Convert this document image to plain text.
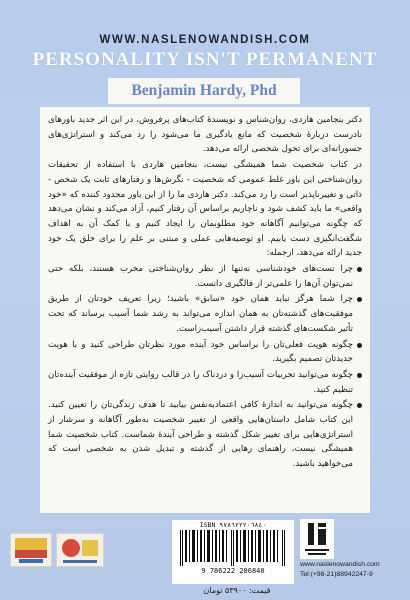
WWW.NASLENOWANDISH.COM
PERSONALITY ISN'T PERMANENT
Benjamin Hardy, Phd

دکتر بنجامین هاردی، روان‌شناس و نویسندهٔ کتاب‌های پرفروش، در این اثر جدید باورهای نادرست دربارهٔ شخصیت که مانع یادگیری ما می‌شود را رد می‌کند و استراتژی‌های جسورانه‌ای برای تحول شخصی ارائه می‌دهد.

در کتاب شخصیت شما همیشگی نیست، بنجامین هاردی با استفاده از تحقیقات روان‌شناختی این باور غلط عمومی که شخصیت - نگرش‌ها و رفتارهای ثابت یک شخص - ذاتی و تغییرناپذیر است را رد می‌کند. دکتر هاردی ما را از این باور محدود کننده که «خود واقعی» ما باید کشف شود و ناچاریم براساس آن رفتار کنیم، آزاد می‌کند و نشان می‌دهد که چگونه می‌توانیم آگاهانه خود مطلوبمان را ایجاد کنیم و با کمک آن به اهداف شگفت‌انگیزی دست یابیم. او توصیه‌هایی عملی و مبتنی بر علم را برای خلق یک خود جدید ارائه می‌دهد، ازجمله:

چرا تست‌های خودشناسی نه‌تنها از نظر روان‌شناختی مخرب هستند، بلکه حتی نمی‌توان آن‌ها را علمی‌تر از فالگیری دانست.
چرا شما هرگز نباید همان خود «سابق» باشید؛ زیرا تعریف خودتان از طریق موفقیت‌های گذشته‌تان به همان اندازه می‌تواند به رشد شما آسیب برساند که تحت تأثیر شکست‌های گذشته قرار داشتن آسیب‌زاست.
چگونه هویت فعلی‌تان را براساس خود آینده مورد نظرتان طراحی کنید و با هویت جدیدتان تصمیم بگیرید.
چگونه می‌توانید تجربیات آسیب‌زا و دردناک را در قالب روایتی تازه از موفقیت آینده‌تان تنظیم کنید.
چگونه می‌توانید به اندازهٔ کافی اعتمادبه‌نفس بیابید تا هدف زندگی‌تان را تعیین کنید. این کتاب شامل داستان‌هایی واقعی از تغییر شخصیت به‌طور آگاهانه و سرشار از استراتژی‌هایی برای تغییر شکل گذشته و طراحی آیندهٔ شماست. کتاب شخصیت شما همیشگی نیست، راهنمای رهایی از گذشته و تبدیل شدن به شخصی است که می‌خواهید باشید.
ISBN ٩٧٨٦٢٢٢٠٦٨٤٠
9 786222 206840
www.naslenowandish.com
Tel:(+98-21)88942247-9
قیمت: ۵۳۹۰۰ تومان
